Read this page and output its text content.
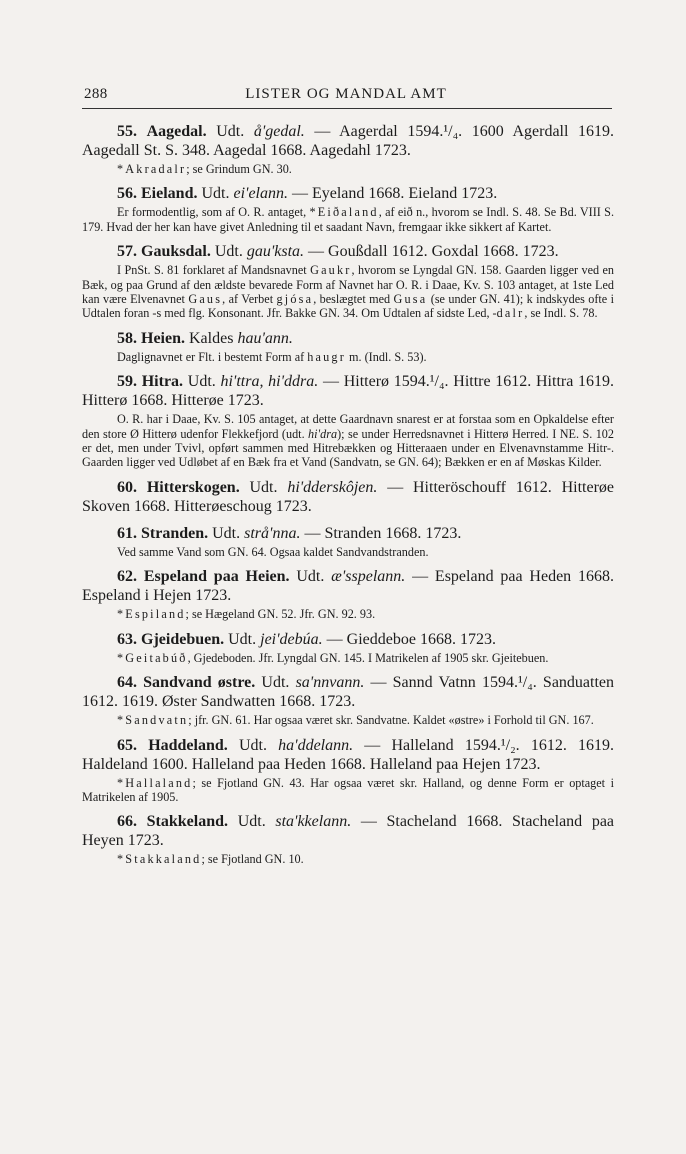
288	LISTER OG MANDAL AMT

55. Aagedal. Udt. å'gedal. — Aagerdal 1594.¹/₄. 1600 Agerdall 1619. Aagedall St. S. 348. Aagedal 1668. Aagedahl 1723.

*Akradalr; se Grindum GN. 30.

56. Eieland. Udt. ei'elann. — Eyeland 1668. Eieland 1723.

Er formodentlig, som af O. R. antaget, *Eiðaland, af eið n., hvorom se Indl. S. 48. Se Bd. VIII S. 179. Hvad der her kan have givet Anledning til et saadant Navn, fremgaar ikke sikkert af Kartet.

57. Gauksdal. Udt. gau'ksta. — Goußdall 1612. Goxdal 1668. 1723.

I PnSt. S. 81 forklaret af Mandsnavnet Gaukr, hvorom se Lyngdal GN. 158. Gaarden ligger ved en Bæk, og paa Grund af den ældste bevarede Form af Navnet har O. R. i Daae, Kv. S. 103 antaget, at 1ste Led kan være Elvenavnet Gaus, af Verbet gjósa, beslægtet med Gusa (se under GN. 41); k indskydes ofte i Udtalen foran -s med flg. Konsonant. Jfr. Bakke GN. 34. Om Udtalen af sidste Led, -dalr, se Indl. S. 78.

58. Heien. Kaldes hau'ann.

Daglignavnet er Flt. i bestemt Form af haugr m. (Indl. S. 53).

59. Hitra. Udt. hi'ttra, hi'ddra. — Hitterø 1594.¹/₄. Hittre 1612. Hittra 1619. Hitterø 1668. Hitterøe 1723.

O. R. har i Daae, Kv. S. 105 antaget, at dette Gaardnavn snarest er at forstaa som en Opkaldelse efter den store Ø Hitterø udenfor Flekkefjord (udt. hi'dra); se under Herredsnavnet i Hitterø Herred. I NE. S. 102 er det, men under Tvivl, opført sammen med Hitrebækken og Hitteraaen under en Elvenavnstamme Hitr-. Gaarden ligger ved Udløbet af en Bæk fra et Vand (Sandvatn, se GN. 64); Bækken er en af Møskas Kilder.

60. Hitterskogen. Udt. hi'dderskôjen. — Hitteröschouff 1612. Hitterøe Skoven 1668. Hitterøeschoug 1723.

61. Stranden. Udt. strå'nna. — Stranden 1668. 1723.

Ved samme Vand som GN. 64. Ogsaa kaldet Sandvandstranden.

62. Espeland paa Heien. Udt. æ'sspelann. — Espeland paa Heden 1668. Espeland i Hejen 1723.

*Espiland; se Hægeland GN. 52. Jfr. GN. 92. 93.

63. Gjeidebuen. Udt. jei'debúa. — Gieddeboe 1668. 1723.

*Geitabúð, Gjedeboden. Jfr. Lyngdal GN. 145. I Matrikelen af 1905 skr. Gjeitebuen.

64. Sandvand østre. Udt. sa'nnvann. — Sannd Vatnn 1594.¹/₄. Sanduatten 1612. 1619. Øster Sandwatten 1668. 1723.

*Sandvatn; jfr. GN. 61. Har ogsaa været skr. Sandvatne. Kaldet «østre» i Forhold til GN. 167.

65. Haddeland. Udt. ha'ddelann. — Halleland 1594.¹/₂. 1612. 1619. Haldeland 1600. Halleland paa Heden 1668. Halleland paa Hejen 1723.

*Hallaland; se Fjotland GN. 43. Har ogsaa været skr. Halland, og denne Form er optaget i Matrikelen af 1905.

66. Stakkeland. Udt. sta'kkelann. — Stacheland 1668. Stacheland paa Heyen 1723.

*Stakkaland; se Fjotland GN. 10.
